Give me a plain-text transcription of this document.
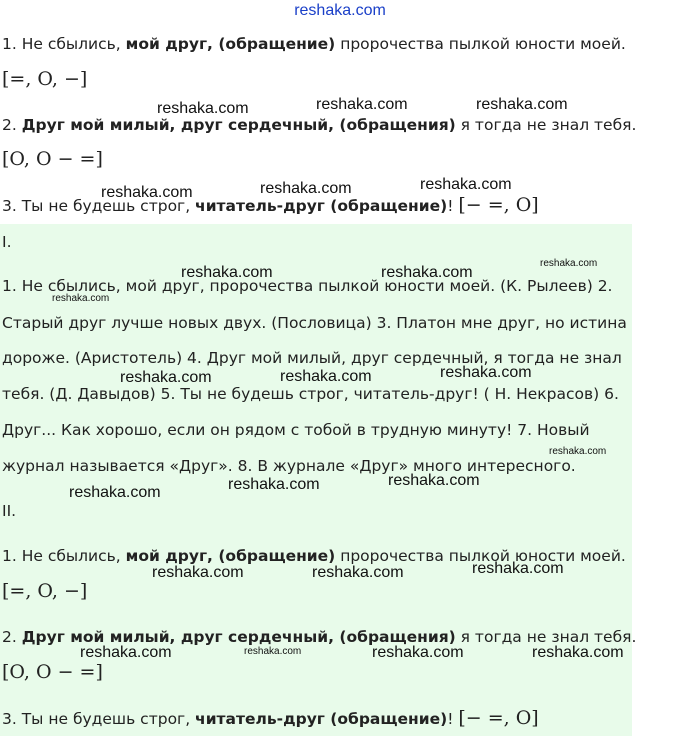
reshaka.com
1. Не сбылись, мой друг, (обращение) пророчества пылкой юности моей.
[=, O, −]
2. Друг мой милый, друг сердечный, (обращения) я тогда не знал тебя.
[O, O − =]
3. Ты не будешь строг, читатель-друг (обращение)! [− =, O]
I.
1. Не сбылись, мой друг, пророчества пылкой юности моей. (К. Рылеев) 2.
Старый друг лучше новых двух. (Пословица) 3. Платон мне друг, но истина
дороже. (Аристотель) 4. Друг мой милый, друг сердечный, я тогда не знал
тебя. (Д. Давыдов) 5. Ты не будешь строг, читатель-друг! ( Н. Некрасов) 6.
Друг... Как хорошо, если он рядом с тобой в трудную минуту! 7. Новый
журнал называется «Друг». 8. В журнале «Друг» много интересного.
II.
1. Не сбылись, мой друг, (обращение) пророчества пылкой юности моей.
[=, O, −]
2. Друг мой милый, друг сердечный, (обращения) я тогда не знал тебя.
[O, O − =]
3. Ты не будешь строг, читатель-друг (обращение)! [− =, O]
reshaka.com	reshaka.com	reshaka.com
reshaka.com	reshaka.com	reshaka.com
reshaka.com
reshaka.com	reshaka.com
reshaka.com
reshaka.com	reshaka.com	reshaka.com
reshaka.com
reshaka.com	reshaka.com
reshaka.com
reshaka.com	reshaka.com	reshaka.com
reshaka.com	reshaka.com	reshaka.com	reshaka.com
